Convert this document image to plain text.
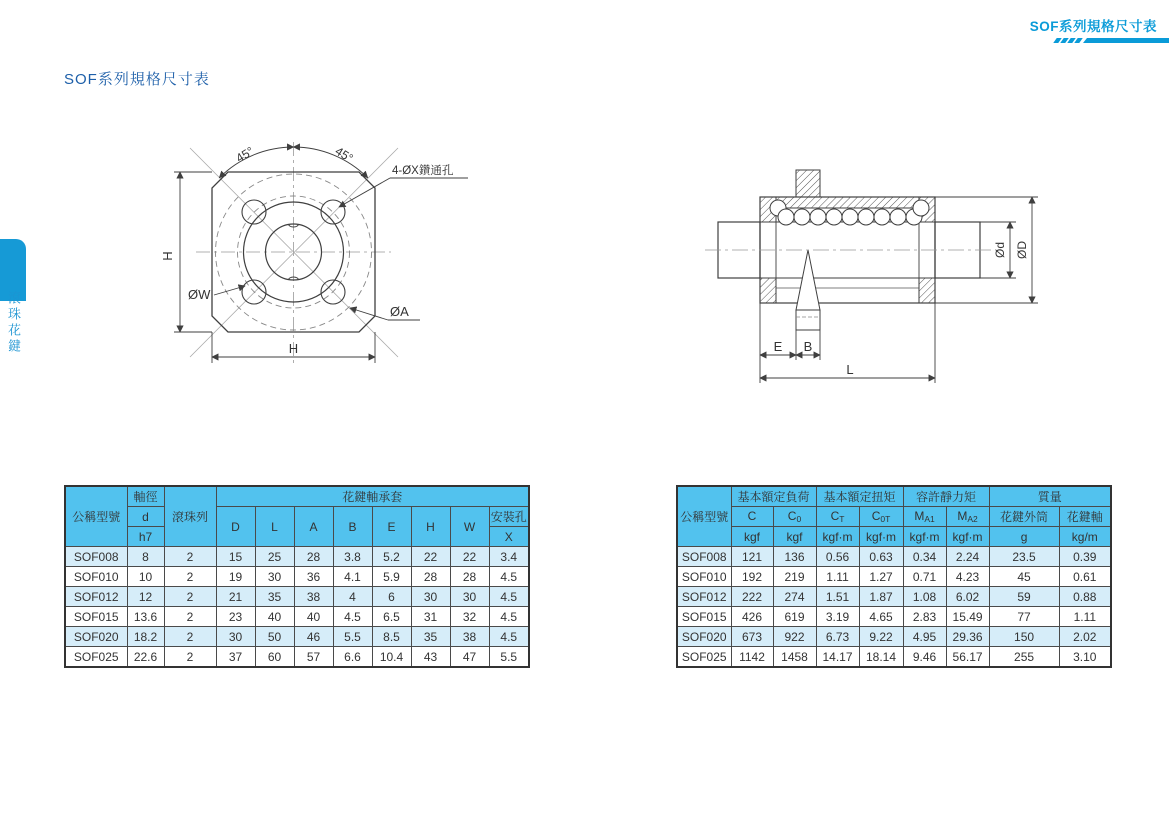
SOF系列規格尺寸表
SOF系列規格尺寸表
滾珠花鍵
45°	45°
4-ØX鑽通孔
H
H
ØW
ØA
Ød ØD
E B
L
公稱型號	軸徑	滾珠列	花鍵軸承套							
	d		D	L	A	B	E	H	W	安裝孔
	h7									X
SOF008	8	2	15	25	28	3.8	5.2	22	22	3.4
SOF010	10	2	19	30	36	4.1	5.9	28	28	4.5
SOF012	12	2	21	35	38	4	6	30	30	4.5
SOF015	13.6	2	23	40	40	4.5	6.5	31	32	4.5
SOF020	18.2	2	30	50	46	5.5	8.5	35	38	4.5
SOF025	22.6	2	37	60	57	6.6	10.4	43	47	5.5
公稱型號	基本額定負荷		基本額定扭矩		容許靜力矩		質量	
	C	$C_0$	$C_T$	$C_{0T}$	$M_{A1}$	$M_{A2}$	花鍵外筒	花鍵軸
	kgf	kgf	kgf·m	kgf·m	kgf·m	kgf·m	g	kg/m
SOF008	121	136	0.56	0.63	0.34	2.24	23.5	0.39
SOF010	192	219	1.11	1.27	0.71	4.23	45	0.61
SOF012	222	274	1.51	1.87	1.08	6.02	59	0.88
SOF015	426	619	3.19	4.65	2.83	15.49	77	1.11
SOF020	673	922	6.73	9.22	4.95	29.36	150	2.02
SOF025	1142	1458	14.17	18.14	9.46	56.17	255	3.10
